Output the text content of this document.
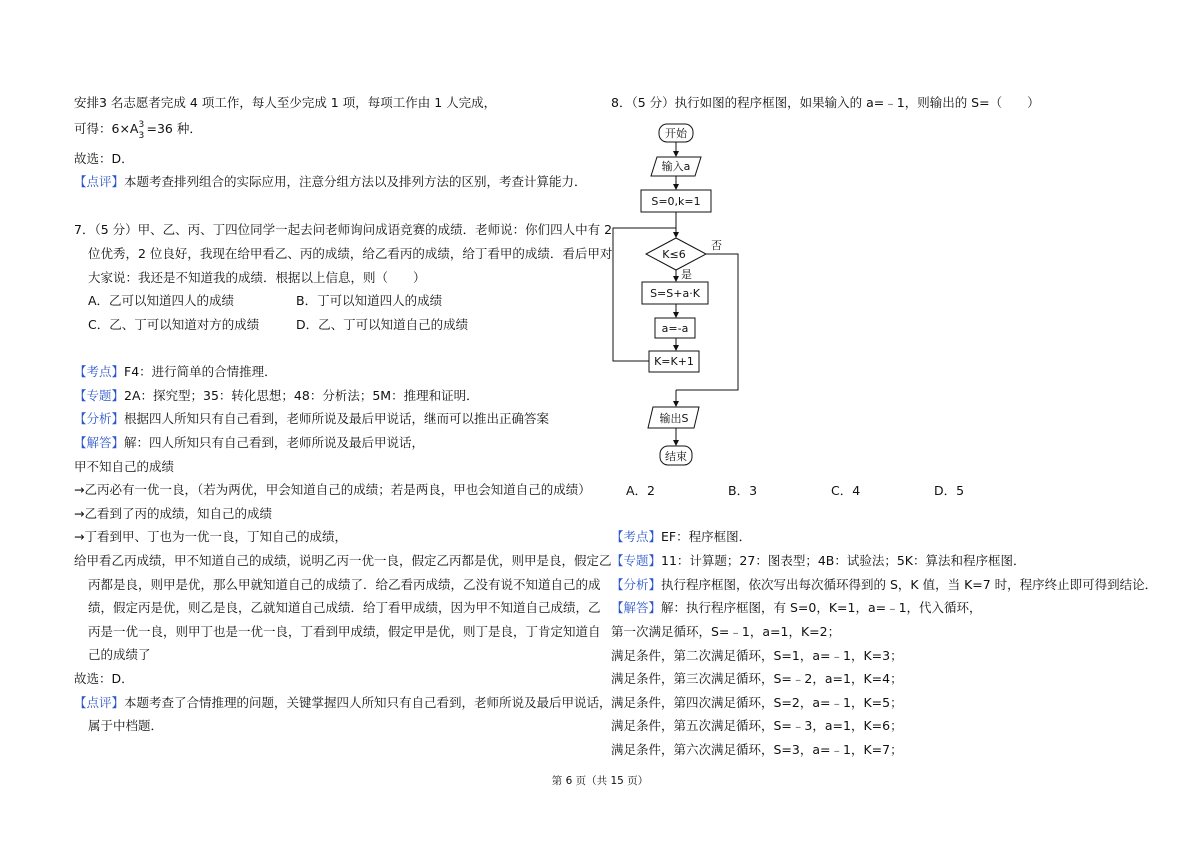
安排3 名志愿者完成 4 项工作，每人至少完成 1 项，每项工作由 1 人完成，
可得：6×A 3
3 =36 种．
故选：D．
【点评】本题考查排列组合的实际应用，注意分组方法以及排列方法的区别，考查计算能力．
7．（5 分）甲、乙、丙、丁四位同学一起去问老师询问成语竞赛的成绩．老师说：你们四人中有 2
位优秀，2 位良好，我现在给甲看乙、丙的成绩，给乙看丙的成绩，给丁看甲的成绩．看后甲对
大家说：我还是不知道我的成绩．根据以上信息，则（　　）
A．乙可以知道四人的成绩	B．丁可以知道四人的成绩
C．乙、丁可以知道对方的成绩	D．乙、丁可以知道自己的成绩
【考点】F4：进行简单的合情推理．
【专题】2A：探究型；35：转化思想；48：分析法；5M：推理和证明．
【分析】根据四人所知只有自己看到，老师所说及最后甲说话，继而可以推出正确答案
【解答】解：四人所知只有自己看到，老师所说及最后甲说话，
甲不知自己的成绩
→乙丙必有一优一良，（若为两优，甲会知道自己的成绩；若是两良，甲也会知道自己的成绩）
→乙看到了丙的成绩，知自己的成绩
→丁看到甲、丁也为一优一良，丁知自己的成绩，
给甲看乙丙成绩，甲不知道自己的成绩，说明乙丙一优一良，假定乙丙都是优，则甲是良，假定乙
丙都是良，则甲是优，那么甲就知道自己的成绩了．给乙看丙成绩，乙没有说不知道自己的成
绩，假定丙是优，则乙是良，乙就知道自己成绩．给丁看甲成绩，因为甲不知道自己成绩，乙
丙是一优一良，则甲丁也是一优一良，丁看到甲成绩，假定甲是优，则丁是良，丁肯定知道自
己的成绩了
故选：D．
【点评】本题考查了合情推理的问题，关键掌握四人所知只有自己看到，老师所说及最后甲说话，
属于中档题．
8．（5 分）执行如图的程序框图，如果输入的 a=﹣1，则输出的 S=（　　）
开始
输入a
S=0,k=1
K≤6
否
是
S=S+a·K
a=-a
K=K+1
输出S
结束
A．2	B．3	C．4	D．5
【考点】EF：程序框图．
【专题】11：计算题；27：图表型；4B：试验法；5K：算法和程序框图．
【分析】执行程序框图，依次写出每次循环得到的 S，K 值，当 K=7 时，程序终止即可得到结论．
【解答】解：执行程序框图，有 S=0，K=1，a=﹣1，代入循环，
第一次满足循环，S=﹣1，a=1，K=2；
满足条件，第二次满足循环，S=1，a=﹣1，K=3；
满足条件，第三次满足循环，S=﹣2，a=1，K=4；
满足条件，第四次满足循环，S=2，a=﹣1，K=5；
满足条件，第五次满足循环，S=﹣3，a=1，K=6；
满足条件，第六次满足循环，S=3，a=﹣1，K=7；
第 6 页（共 15 页）
